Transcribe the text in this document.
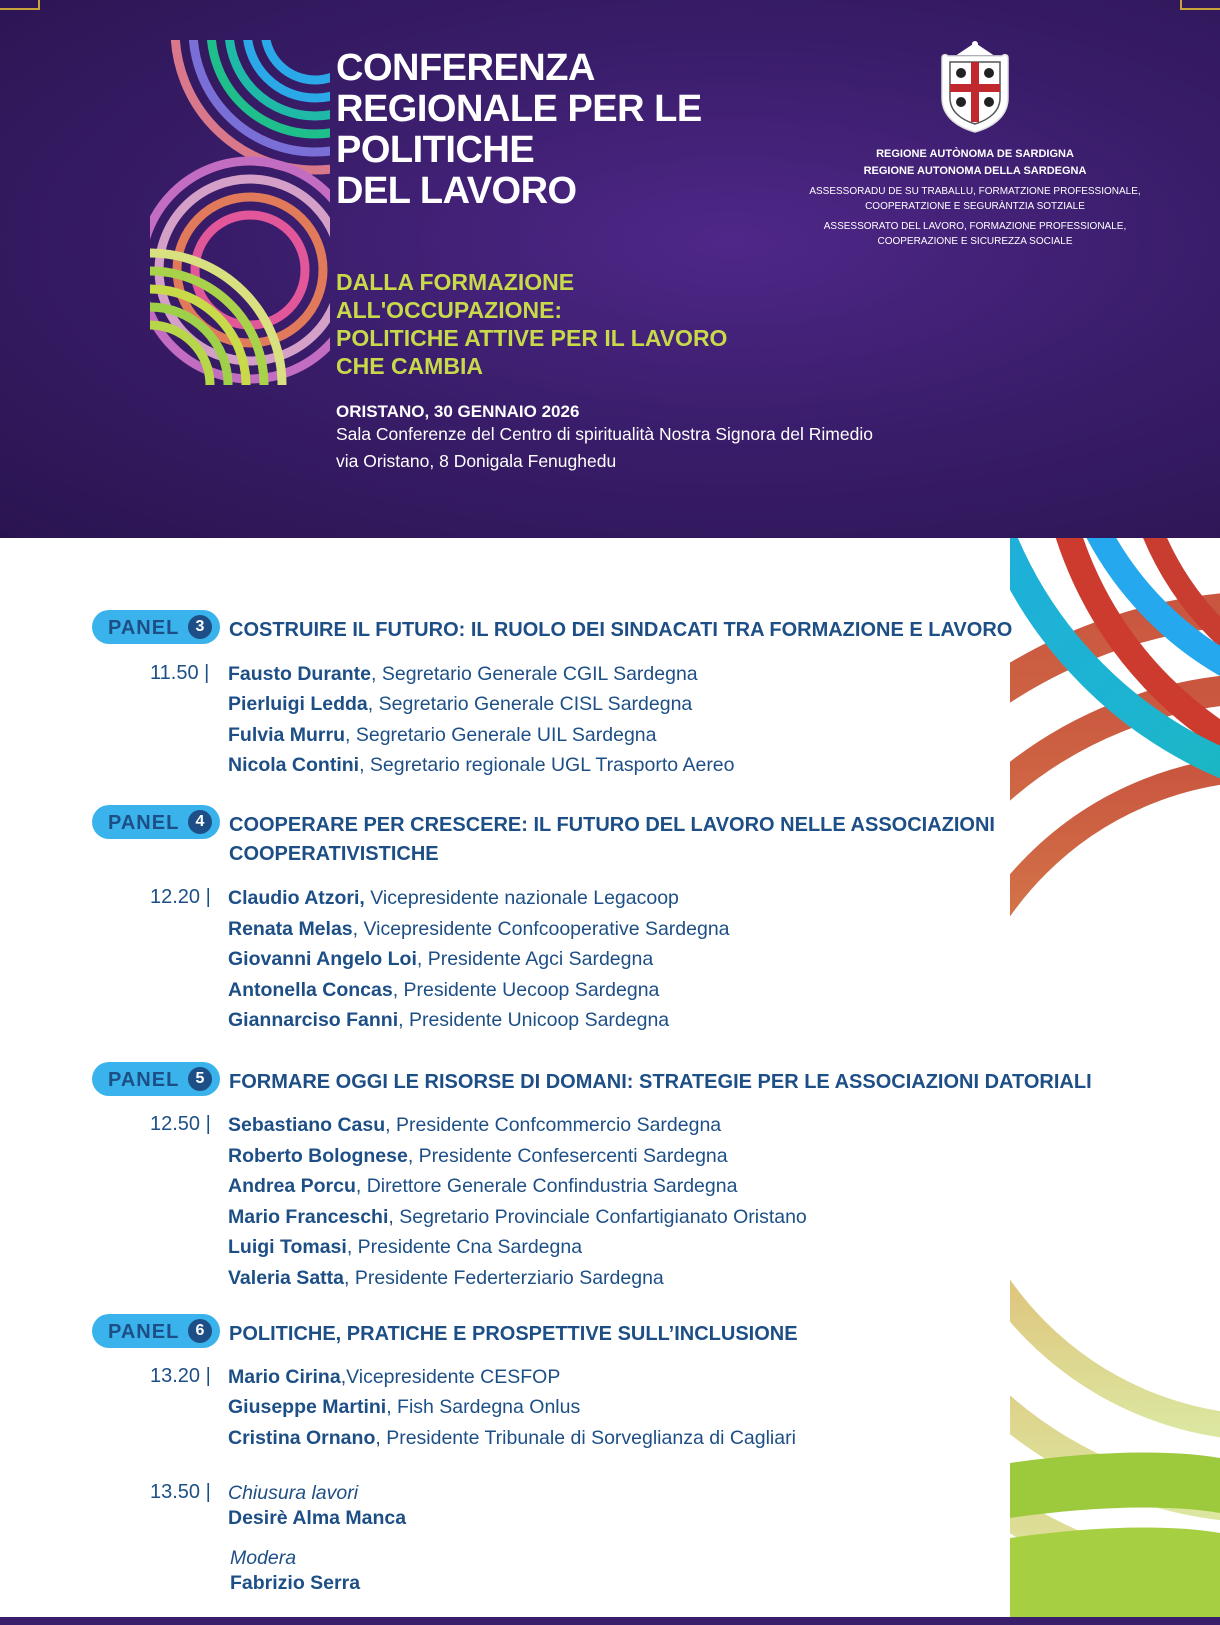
CONFERENZA
REGIONALE PER LE
POLITICHE
DEL LAVORO
DALLA FORMAZIONE
ALL'OCCUPAZIONE:
POLITICHE ATTIVE PER IL LAVORO
CHE CAMBIA
ORISTANO, 30 GENNAIO 2026
Sala Conferenze del Centro di spiritualità Nostra Signora del Rimedio
via Oristano, 8 Donigala Fenughedu
REGIONE AUTÒNOMA DE SARDIGNA
REGIONE AUTONOMA DELLA SARDEGNA
ASSESSORADU DE SU TRABALLU, FORMATZIONE PROFESSIONALE,
COOPERATZIONE E SEGURÀNTZIA SOTZIALE
ASSESSORATO DEL LAVORO, FORMAZIONE PROFESSIONALE,
COOPERAZIONE E SICUREZZA SOCIALE
PANEL	3	COSTRUIRE IL FUTURO: IL RUOLO DEI SINDACATI TRA FORMAZIONE E LAVORO
11.50 | Fausto Durante, Segretario Generale CGIL Sardegna
Pierluigi Ledda, Segretario Generale CISL Sardegna
Fulvia Murru, Segretario Generale UIL Sardegna
Nicola Contini, Segretario regionale UGL Trasporto Aereo
PANEL	4	COOPERARE PER CRESCERE: IL FUTURO DEL LAVORO NELLE ASSOCIAZIONI
COOPERATIVISTICHE
12.20 | Claudio Atzori, Vicepresidente nazionale Legacoop
Renata Melas, Vicepresidente Confcooperative Sardegna
Giovanni Angelo Loi, Presidente Agci Sardegna
Antonella Concas, Presidente Uecoop Sardegna
Giannarciso Fanni, Presidente Unicoop Sardegna
PANEL	5	FORMARE OGGI LE RISORSE DI DOMANI: STRATEGIE PER LE ASSOCIAZIONI DATORIALI
12.50 | Sebastiano Casu, Presidente Confcommercio Sardegna
Roberto Bolognese, Presidente Confesercenti Sardegna
Andrea Porcu, Direttore Generale Confindustria Sardegna
Mario Franceschi, Segretario Provinciale Confartigianato Oristano
Luigi Tomasi, Presidente Cna Sardegna
Valeria Satta, Presidente Federterziario Sardegna
PANEL	6	POLITICHE, PRATICHE E PROSPETTIVE SULL’INCLUSIONE
13.20 | Mario Cirina,Vicepresidente CESFOP
Giuseppe Martini, Fish Sardegna Onlus
Cristina Ornano, Presidente Tribunale di Sorveglianza di Cagliari
13.50 | Chiusura lavori
Desirè Alma Manca
Modera
Fabrizio Serra
